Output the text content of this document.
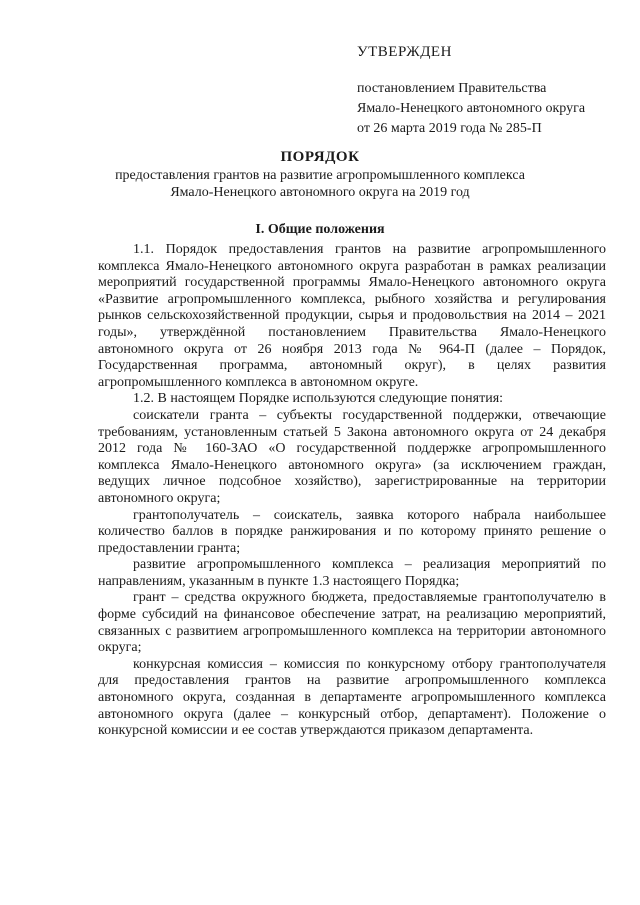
УТВЕРЖДЕН
постановлением Правительства
Ямало-Ненецкого автономного округа
от 26 марта 2019 года № 285-П
ПОРЯДОК
предоставления грантов на развитие агропромышленного комплекса
Ямало-Ненецкого автономного округа на 2019 год
I. Общие положения

1.1. Порядок предоставления грантов на развитие агропромышленного комплекса Ямало-Ненецкого автономного округа разработан в рамках реализации мероприятий государственной программы Ямало-Ненецкого автономного округа «Развитие агропромышленного комплекса, рыбного хозяйства и регулирования рынков сельскохозяйственной продукции, сырья и продовольствия на 2014 – 2021 годы», утверждённой постановлением Правительства Ямало-Ненецкого автономного округа от 26 ноября 2013 года № 964-П (далее – Порядок, Государственная программа, автономный округ), в целях развития агропромышленного комплекса в автономном округе.

1.2. В настоящем Порядке используются следующие понятия:

соискатели гранта – субъекты государственной поддержки, отвечающие требованиям, установленным статьей 5 Закона автономного округа от 24 декабря 2012 года № 160-ЗАО «О государственной поддержке агропромышленного комплекса Ямало-Ненецкого автономного округа» (за исключением граждан, ведущих личное подсобное хозяйство), зарегистрированные на территории автономного округа;

грантополучатель – соискатель, заявка которого набрала наибольшее количество баллов в порядке ранжирования и по которому принято решение о предоставлении гранта;

развитие агропромышленного комплекса – реализация мероприятий по направлениям, указанным в пункте 1.3 настоящего Порядка;

грант – средства окружного бюджета, предоставляемые грантополучателю в форме субсидий на финансовое обеспечение затрат, на реализацию мероприятий, связанных с развитием агропромышленного комплекса на территории автономного округа;

конкурсная комиссия – комиссия по конкурсному отбору грантополучателя для предоставления грантов на развитие агропромышленного комплекса автономного округа, созданная в департаменте агропромышленного комплекса автономного округа (далее – конкурсный отбор, департамент). Положение о конкурсной комиссии и ее состав утверждаются приказом департамента.
